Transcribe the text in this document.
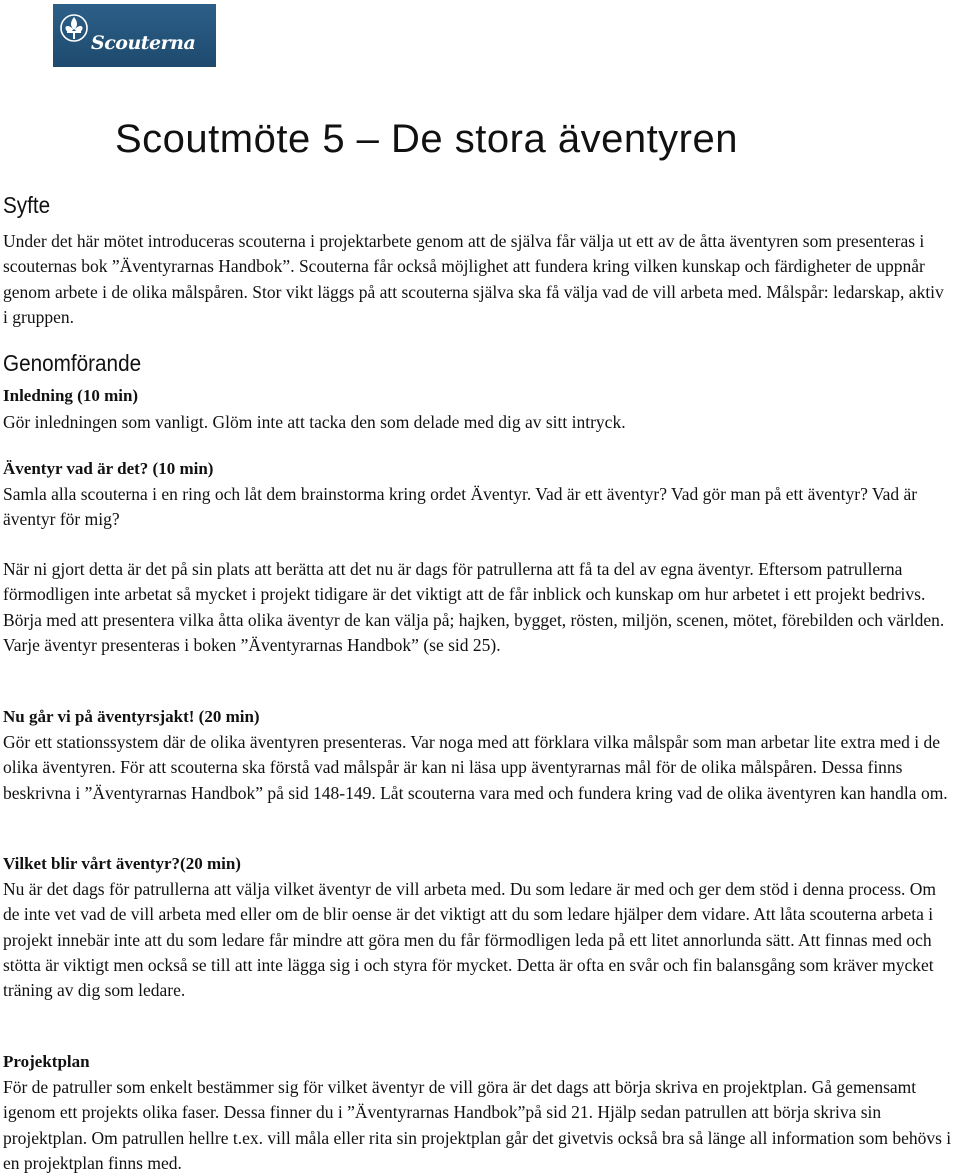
Scouterna
Scoutmöte 5 – De stora äventyren
Syfte

Under det här mötet introduceras scouterna i projektarbete genom att de själva får välja ut ett av de åtta äventyren som presenteras i scouternas bok ”Äventyrarnas Handbok”. Scouterna får också möjlighet att fundera kring vilken kunskap och färdigheter de uppnår genom arbete i de olika målspåren. Stor vikt läggs på att scouterna själva ska få välja vad de vill arbeta med. Målspår: ledarskap, aktiv i gruppen.

Genomförande
Inledning (10 min)

Gör inledningen som vanligt. Glöm inte att tacka den som delade med dig av sitt intryck.

Äventyr vad är det? (10 min)

Samla alla scouterna i en ring och låt dem brainstorma kring ordet Äventyr. Vad är ett äventyr? Vad gör man på ett äventyr? Vad är äventyr för mig?

När ni gjort detta är det på sin plats att berätta att det nu är dags för patrullerna att få ta del av egna äventyr. Eftersom patrullerna förmodligen inte arbetat så mycket i projekt tidigare är det viktigt att de får inblick och kunskap om hur arbetet i ett projekt bedrivs. Börja med att presentera vilka åtta olika äventyr de kan välja på; hajken, bygget, rösten, miljön, scenen, mötet, förebilden och världen. Varje äventyr presenteras i boken ”Äventyrarnas Handbok” (se sid 25).

Nu går vi på äventyrsjakt! (20 min)

Gör ett stationssystem där de olika äventyren presenteras. Var noga med att förklara vilka målspår som man arbetar lite extra med i de olika äventyren. För att scouterna ska förstå vad målspår är kan ni läsa upp äventyrarnas mål för de olika målspåren. Dessa finns beskrivna i ”Äventyrarnas Handbok” på sid 148-149. Låt scouterna vara med och fundera kring vad de olika äventyren kan handla om.

Vilket blir vårt äventyr?(20 min)

Nu är det dags för patrullerna att välja vilket äventyr de vill arbeta med. Du som ledare är med och ger dem stöd i denna process. Om de inte vet vad de vill arbeta med eller om de blir oense är det viktigt att du som ledare hjälper dem vidare. Att låta scouterna arbeta i projekt innebär inte att du som ledare får mindre att göra men du får förmodligen leda på ett litet annorlunda sätt. Att finnas med och stötta är viktigt men också se till att inte lägga sig i och styra för mycket. Detta är ofta en svår och fin balansgång som kräver mycket träning av dig som ledare.

Projektplan

För de patruller som enkelt bestämmer sig för vilket äventyr de vill göra är det dags att börja skriva en projektplan. Gå gemensamt igenom ett projekts olika faser. Dessa finner du i ”Äventyrarnas Handbok”på sid 21. Hjälp sedan patrullen att börja skriva sin projektplan. Om patrullen hellre t.ex. vill måla eller rita sin projektplan går det givetvis också bra så länge all information som behövs i en projektplan finns med.
